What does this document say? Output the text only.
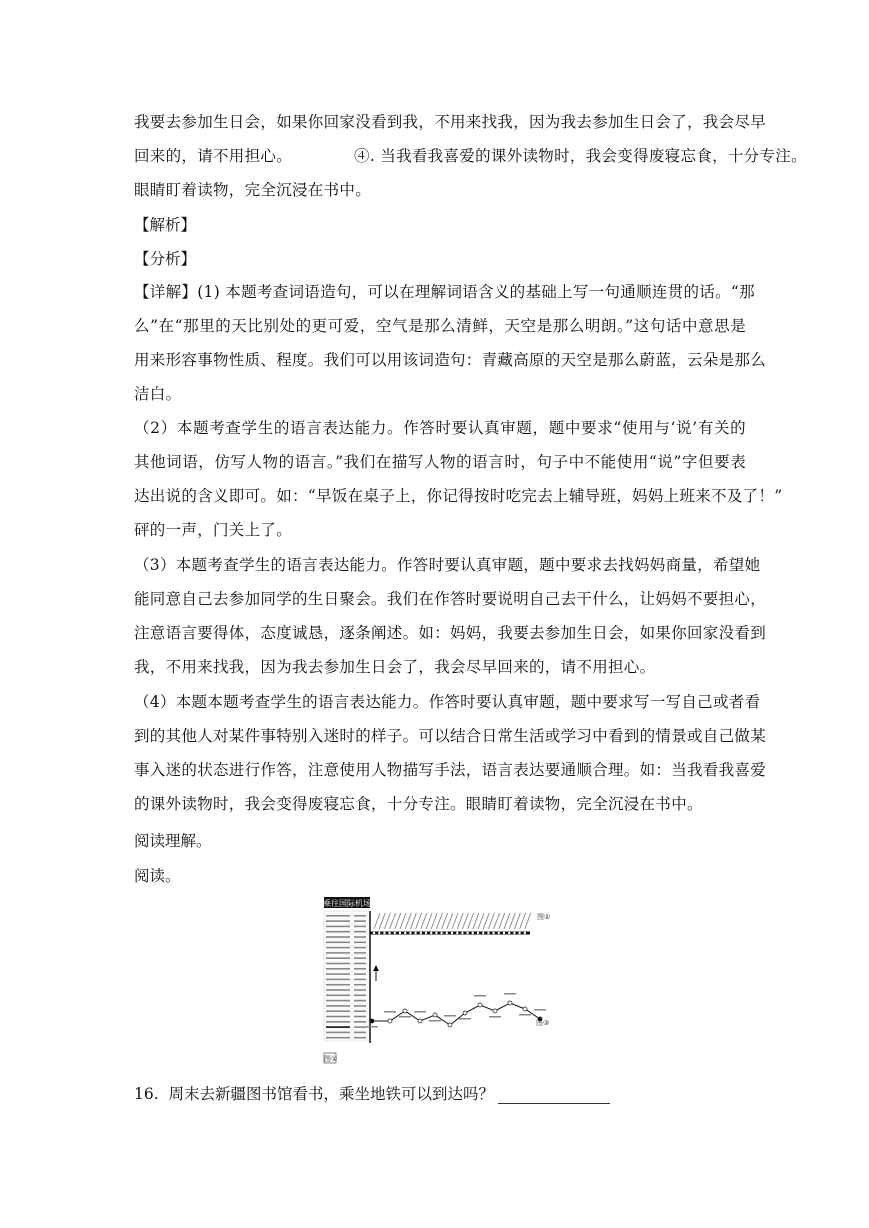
我要去参加生日会，如果你回家没看到我，不用来找我，因为我去参加生日会了，我会尽早
回来的，请不用担心。	④. 当我看我喜爱的课外读物时，我会变得废寝忘食，十分专注。
眼睛盯着读物，完全沉浸在书中。
【解析】
【分析】
【详解】(1) 本题考查词语造句，可以在理解词语含义的基础上写一句通顺连贯的话。“那
么”在“那里的天比别处的更可爱，空气是那么清鲜，天空是那么明朗。”这句话中意思是
用来形容事物性质、程度。我们可以用该词造句：青藏高原的天空是那么蔚蓝，云朵是那么
洁白。
（2）本题考查学生的语言表达能力。作答时要认真审题，题中要求“使用与‘说’有关的
其他词语，仿写人物的语言。”我们在描写人物的语言时，句子中不能使用“说”字但要表
达出说的含义即可。如：“早饭在桌子上，你记得按时吃完去上辅导班，妈妈上班来不及了！”
砰的一声，门关上了。
（3）本题考查学生的语言表达能力。作答时要认真审题，题中要求去找妈妈商量，希望她
能同意自己去参加同学的生日聚会。我们在作答时要说明自己去干什么，让妈妈不要担心，
注意语言要得体，态度诚恳，逐条阐述。如：妈妈，我要去参加生日会，如果你回家没看到
我，不用来找我，因为我去参加生日会了，我会尽早回来的，请不用担心。
（4）本题本题考查学生的语言表达能力。作答时要认真审题，题中要求写一写自己或者看
到的其他人对某件事特别入迷时的样子。可以结合日常生活或学习中看到的情景或自己做某
事入迷的状态进行作答，注意使用人物描写手法，语言表达要通顺合理。如：当我看我喜爱
的课外读物时，我会变得废寝忘食，十分专注。眼睛盯着读物，完全沉浸在书中。
阅读理解。
阅读。
乘往国际机场
图②
图③
图①
16. 周末去新疆图书馆看书，乘坐地铁可以到达吗？
